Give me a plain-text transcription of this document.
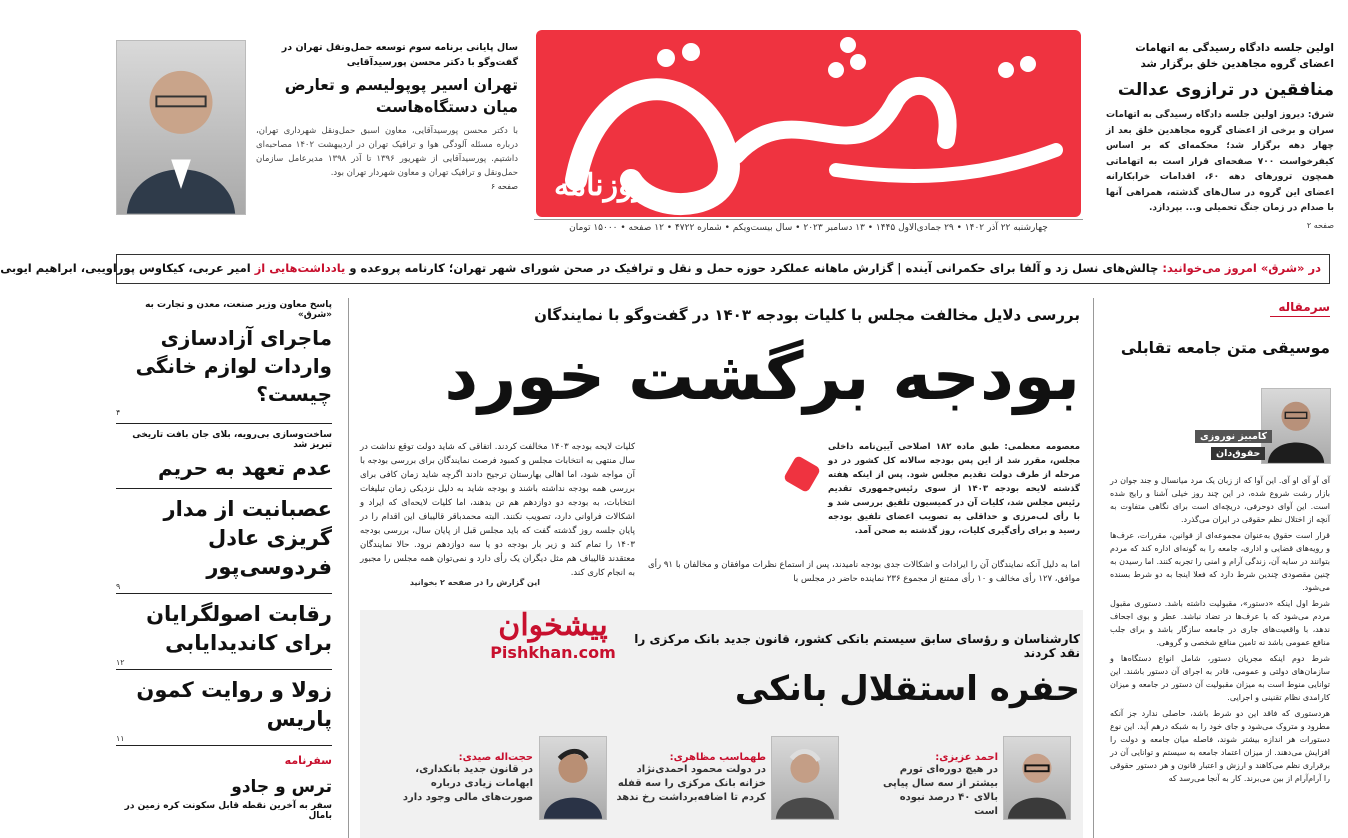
روزنامه
چهارشنبه ۲۲ آذر ۱۴۰۲ • ۲۹ جمادی‌الاول ۱۴۴۵ • ۱۳ دسامبر ۲۰۲۳ • سال بیست‌ویکم • شماره ۴۷۲۲ • ۱۲ صفحه • ۱۵۰۰۰ تومان
اولین جلسه دادگاه رسیدگی به اتهامات اعضای گروه مجاهدین خلق برگزار شد
منافقین در ترازوی عدالت
شرق: دیروز اولین جلسه دادگاه رسیدگی به اتهامات سران و برخی از اعضای گروه مجاهدین خلق بعد از چهار دهه برگزار شد؛ محکمه‌ای که بر اساس کیفرخواست ۷۰۰ صفحه‌ای قرار است به اتهاماتی همچون ترورهای دهه ۶۰، اقدامات خرابکارانه اعضای این گروه در سال‌های گذشته، همراهی آنها با صدام در زمان جنگ تحمیلی و... بپردازد.
صفحه ۲
سال پایانی برنامه سوم توسعه حمل‌ونقل تهران در گفت‌وگو با دکتر محسن پورسیدآقایی
تهران اسیر پوپولیسم و تعارض میان دستگاه‌هاست
با دکتر محسن پورسیدآقایی، معاون اسبق حمل‌ونقل شهرداری تهران، درباره مسئله آلودگی هوا و ترافیک تهران در اردیبهشت ۱۴۰۲ مصاحبه‌ای داشتیم. پورسیدآقایی از شهریور ۱۳۹۶ تا آذر ۱۳۹۸ مدیرعامل سازمان حمل‌ونقل و ترافیک تهران و معاون شهردار تهران بود.
صفحه ۶
در «شرق» امروز می‌خوانید: چالش‌های نسل زد و آلفا برای حکمرانی آینده | گزارش ماهانه عملکرد حوزه حمل و نقل و ترافیک در صحن شورای شهر تهران؛ کارنامه پروعده و یادداشت‌هایی از امیر عربی، کیکاوس پوراویبی، ابراهیم ایوبی
سرمقاله
موسیقی متن جامعه تقابلی
کامبیز نوروزی
حقوق‌دان

آی آو آی او آی. این آوا که از زبان یک مرد میانسال و جند جوان در بازار رشت شروع شده، در این چند روز خیلی آشنا و رایج شده است. این آوای دوحرفی، دریچه‌ای است برای نگاهی متفاوت به آنچه از اختلال نظم حقوقی در ایران می‌گذرد.

قرار است حقوق به‌عنوان مجموعه‌ای از قوانین، مقررات، عرف‌ها و رویه‌های قضایی و اداری، جامعه را به گونه‌ای اداره کند که مردم بتوانند در سایه آن، زندگی آرام و امنی را تجربه کنند. اما رسیدن به چنین مقصودی چندین شرط دارد که فعلا اینجا به دو شرط بسنده می‌شود.

شرط اول اینکه «دستور»، مقبولیت داشته باشد. دستوری مقبول مردم می‌شود که با عرف‌ها در تضاد نباشد. عطر و بوی اجحاف ندهد، با واقعیت‌های جاری در جامعه سازگار باشد و برای جلب منافع عمومی باشد نه تامین منافع شخصی و گروهی.

شرط دوم اینکه مجریان دستور، شامل انواع دستگاه‌ها و سازمان‌های دولتی و عمومی، قادر به اجرای آن دستور باشند. این توانایی منوط است به میزان مقبولیت آن دستور در جامعه و میزان کارامدی نظام تقنینی و اجرایی.

هردستوری که فاقد این دو شرط باشد، حاصلی ندارد جز آنکه مطرود و متروک می‌شود و جای خود را به شبکه درهم آید. این نوع دستورات هر اندازه بیشتر شوند، فاصله میان جامعه و دولت را افزایش می‌دهند. از میزان اعتماد جامعه به سیستم و توانایی آن در برقراری نظم می‌کاهند و ارزش و اعتبار قانون و هر دستور حقوقی را آرام‌آرام از بین می‌برند. کار به آنجا می‌رسد که

بررسی دلایل مخالفت مجلس با کلیات بودجه ۱۴۰۳ در گفت‌وگو با نمایندگان
بودجه برگشت خورد
معصومه معظمی: طبق ماده ۱۸۲ اصلاحی آیین‌نامه داخلی مجلس، مقرر شد از این پس بودجه سالانه کل کشور در دو مرحله از طرف دولت تقدیم مجلس شود. پس از اینکه هفته گذشته لایحه بودجه ۱۴۰۳ از سوی رئیس‌جمهوری تقدیم رئیس مجلس شد، کلیات آن در کمیسیون تلفیق بررسی شد و با رأی لب‌مرزی و حداقلی به تصویب اعضای تلفیق بودجه رسید و برای رأی‌گیری کلیات، روز گذشته به صحن آمد.
اما به دلیل آنکه نمایندگان آن را ایرادات و اشکالات جدی بودجه نامیدند، پس از استماع نظرات موافقان و مخالفان با ۹۱ رأی موافق، ۱۲۷ رأی مخالف و ۱۰ رأی ممتنع از مجموع ۲۳۶ نماینده حاضر در مجلس با
کلیات لایحه بودجه ۱۴۰۳ مخالفت کردند. اتفاقی که شاید دولت توقع نداشت در سال منتهی به انتخابات مجلس و کمبود فرصت نمایندگان برای بررسی بودجه با آن مواجه شود، اما اهالی بهارستان ترجیح دادند اگرچه شاید زمان کافی برای بررسی همه بودجه نداشته باشند و بودجه شاید به دلیل نزدیکی زمان تبلیغات انتخابات، به بودجه دو دوازدهم هم تن بدهند، اما کلیات لایحه‌ای که ایراد و اشکالات فراوانی دارد، تصویب نکنند. البته محمدباقر قالیباف این اقدام را در پایان جلسه روز گذشته گفت که باید مجلس قبل از پایان سال، بررسی بودجه ۱۴۰۳ را تمام کند و زیر بار بودجه دو یا سه دوازدهم نرود. حالا نمایندگان معتقدند قالیباف هم مثل دیگران یک رأی دارد و نمی‌توان همه مجلس را مجبور به انجام کاری کند.
این گزارش را در صفحه ۲ بخوانید
پیشخوان
Pishkhan.com
کارشناسان و رؤسای سابق سیستم بانکی کشور، قانون جدید بانک مرکزی را نقد کردند
حفره استقلال بانکی
احمد عزیزی:
در هیچ دوره‌ای تورم بیشتر از سه سال پیاپی بالای ۴۰ درصد نبوده است
طهماسب مظاهری:
در دولت محمود احمدی‌نژاد خزانه بانک مرکزی را سه قفله کردم تا اضافه‌برداشت رخ ندهد
حجت‌اله صیدی:
در قانون جدید بانکداری، ابهامات زیادی درباره صورت‌های مالی وجود دارد
پاسخ معاون وزیر صنعت، معدن و تجارت به «شرق»
ماجرای آزادسازی واردات لوازم خانگی چیست؟
۴
ساخت‌وسازی بی‌رویه، بلای جان بافت تاریخی تبریز شد
عدم تعهد به حریم
عصبانیت از مدار گریزی عادل فردوسی‌پور
۹
رقابت اصولگرایان برای کاندیدایابی
۱۲
زولا و روایت کمون پاریس
۱۱
سفرنامه
ترس و جادو
سفر به آخرین نقطه قابل سکونت کره زمین در بامال
